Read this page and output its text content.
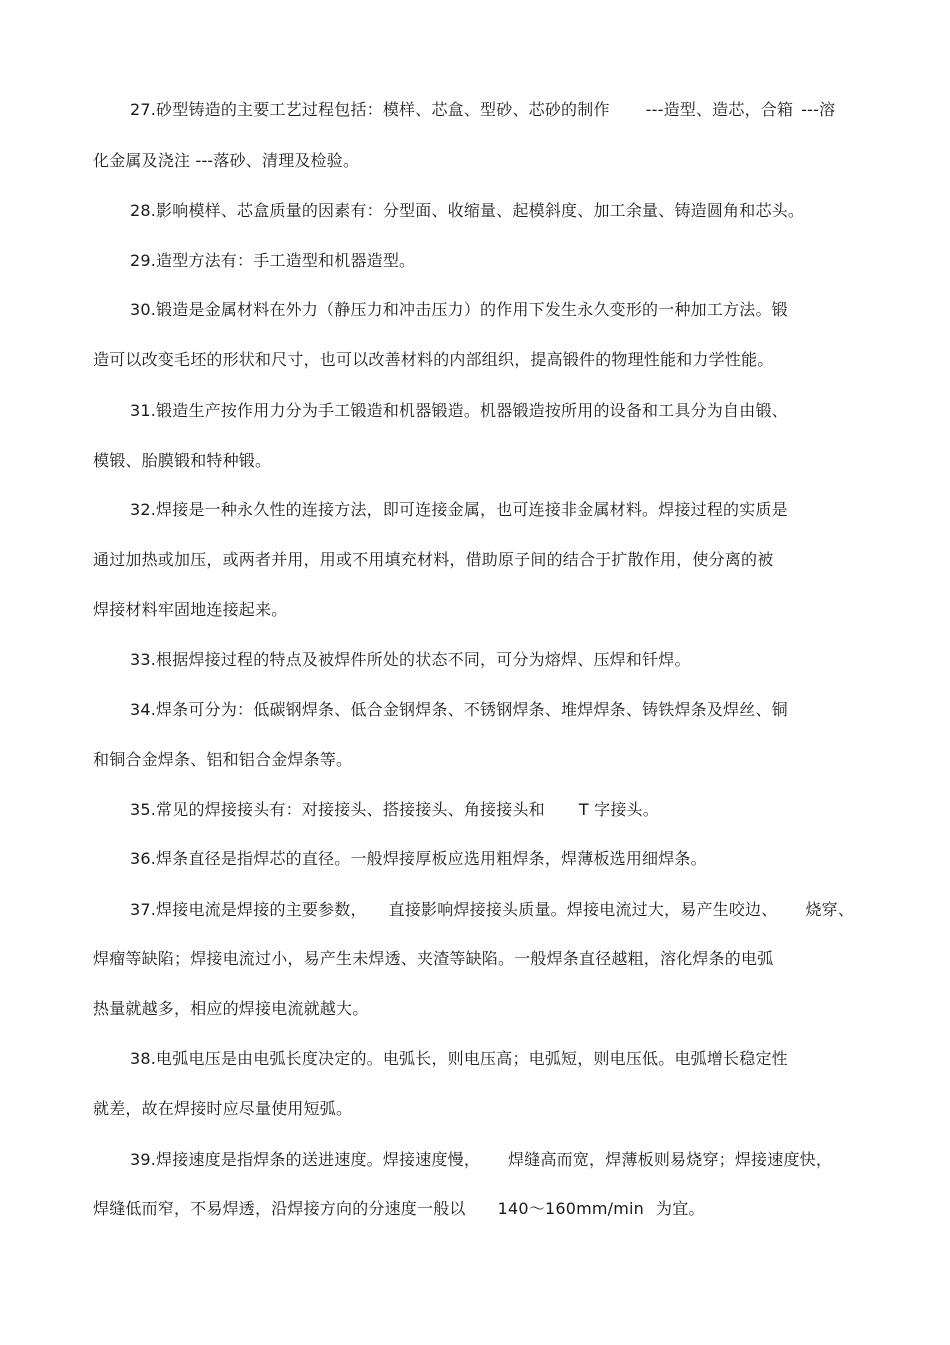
27.砂型铸造的主要工艺过程包括：模样、芯盒、型砂、芯砂的制作 ---造型、造芯，合箱 ---溶
化金属及浇注 ---落砂、清理及检验。
28.影响模样、芯盒质量的因素有：分型面、收缩量、起模斜度、加工余量、铸造圆角和芯头。
29.造型方法有：手工造型和机器造型。
30.锻造是金属材料在外力（静压力和冲击压力）的作用下发生永久变形的一种加工方法。锻
造可以改变毛坯的形状和尺寸，也可以改善材料的内部组织，提高锻件的物理性能和力学性能。
31.锻造生产按作用力分为手工锻造和机器锻造。机器锻造按所用的设备和工具分为自由锻、
模锻、胎膜锻和特种锻。
32.焊接是一种永久性的连接方法，即可连接金属，也可连接非金属材料。焊接过程的实质是
通过加热或加压，或两者并用，用或不用填充材料，借助原子间的结合于扩散作用，使分离的被
焊接材料牢固地连接起来。
33.根据焊接过程的特点及被焊件所处的状态不同，可分为熔焊、压焊和钎焊。
34.焊条可分为：低碳钢焊条、低合金钢焊条、不锈钢焊条、堆焊焊条、铸铁焊条及焊丝、铜
和铜合金焊条、铝和铝合金焊条等。
35.常见的焊接接头有：对接接头、搭接接头、角接接头和 T 字接头。
36.焊条直径是指焊芯的直径。一般焊接厚板应选用粗焊条，焊薄板选用细焊条。
37.焊接电流是焊接的主要参数， 直接影响焊接接头质量。焊接电流过大，易产生咬边、 烧穿、
焊瘤等缺陷；焊接电流过小，易产生未焊透、夹渣等缺陷。一般焊条直径越粗，溶化焊条的电弧
热量就越多，相应的焊接电流就越大。
38.电弧电压是由电弧长度决定的。电弧长，则电压高；电弧短，则电压低。电弧增长稳定性
就差，故在焊接时应尽量使用短弧。
39.焊接速度是指焊条的送进速度。焊接速度慢， 焊缝高而宽，焊薄板则易烧穿；焊接速度快，
焊缝低而窄，不易焊透，沿焊接方向的分速度一般以 140～160mm/min 为宜。
